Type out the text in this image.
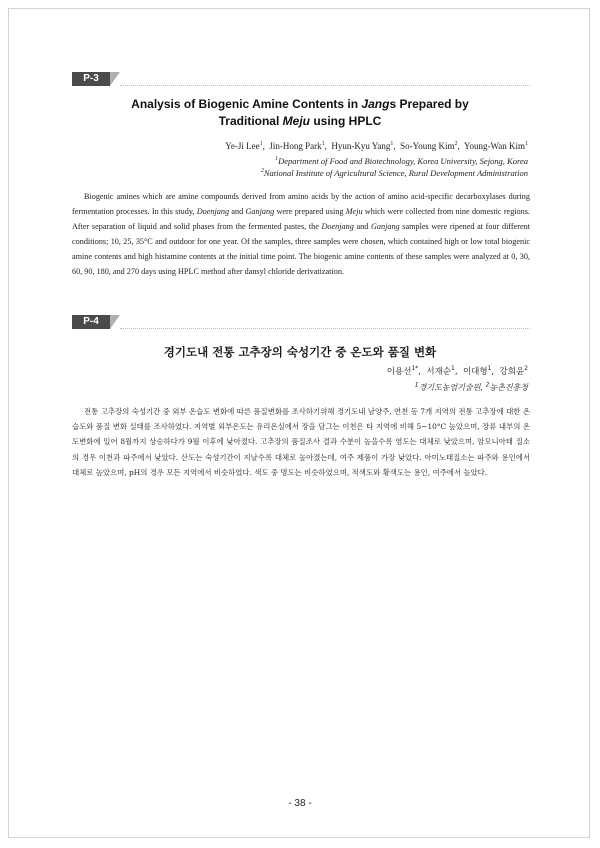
P-3
Analysis of Biogenic Amine Contents in Jangs Prepared by
Traditional Meju using HPLC
Ye-Ji Lee$^1$,  Jin-Hong Park$^1$,  Hyun-Kyu Yang$^1$,  So-Young Kim$^2$,  Young-Wan Kim$^1$
$^1$Department of Food and Biotechnology, Korea University, Sejong, Korea
$^2$National Institute of Agricultural Science, Rural Development Administration

Biogenic amines which are amine compounds derived from amino acids by the action of amino acid-specific decarboxylases during fermentation processes. In this study, Doenjang and Ganjang were prepared using Meju which were collected from nine domestic regions. After separation of liquid and solid phases from the fermented pastes, the Doenjang and Ganjang samples were ripened at four different conditions; 10, 25, 35°C and outdoor for one year. Of the samples, three samples were chosen, which contained high or low total biogenic amine contents and high histamine contents at the initial time point. The biogenic amine contents of these samples were analyzed at 0, 30, 60, 90, 180, and 270 days using HPLC method after dansyl chloride derivatization.

P-4
경기도내 전통 고추장의 숙성기간 중 온도와 품질 변화
이용선$^{1*}$,  서재순$^1$,  이대형$^1$,  강희윤$^2$
$^1$경기도농업기술원, $^2$농촌진흥청

전통 고추장의 숙성기간 중 외부 온습도 변화에 따른 품질변화를 조사하기위해 경기도내 남양주, 연천 등 7개 지역의 전통 고추장에 대한 온습도와 품질 변화 실태를 조사하였다. 지역별 외부온도는 유리온실에서 장을 담그는 이천은 타 지역에 비해 5~10°C 높았으며, 장류 내부의 온도변화에 있어 8월까지 상승하다가 9월 이후에 낮아졌다. 고추장의 품질조사 결과 수분이 높을수록 염도는 대체로 낮았으며, 암모니아태 질소의 경우 이천과 파주에서 낮았다. 산도는 숙성기간이 지날수록 대체로 높아졌는데, 여주 제품이 가장 낮았다. 아미노태질소는 파주와 용인에서 대체로 높았으며, pH의 경우 모든 지역에서 비슷하였다. 색도 중 명도는 비슷하였으며, 적색도와 황색도는 용인, 여주에서 높았다.

- 38 -
